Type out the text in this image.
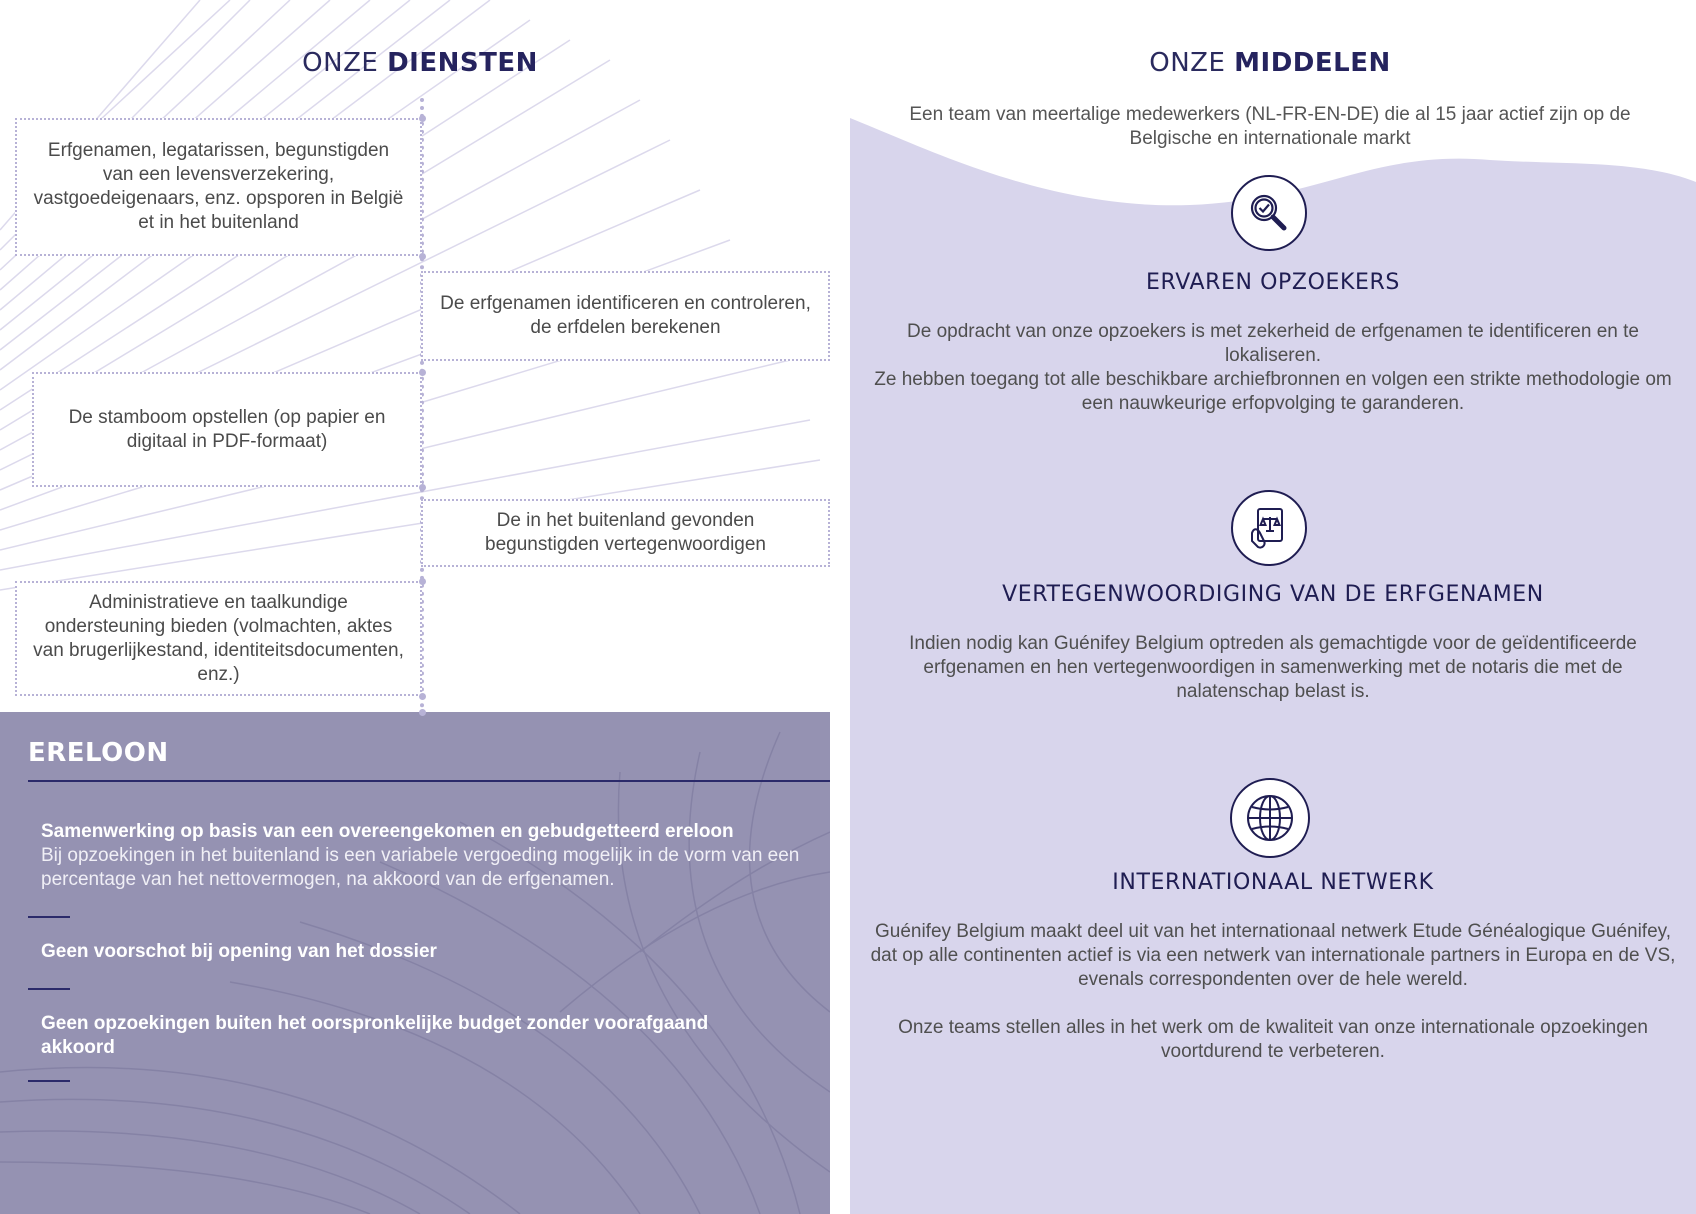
ONZE DIENSTEN
Erfgenamen, legatarissen, begunstigden van een levensverzekering, vastgoedeigenaars, enz. opsporen in België et in het buitenland
De erfgenamen identificeren en controleren, de erfdelen berekenen
De stamboom opstellen (op papier en digitaal in PDF-formaat)
De in het buitenland gevonden begunstigden vertegenwoordigen
Administratieve en taalkundige ondersteuning bieden (volmachten, aktes van brugerlijkestand, identiteitsdocumenten, enz.)
ERELOON
Samenwerking op basis van een overeengekomen en gebudgetteerd ereloon
Bij opzoekingen in het buitenland is een variabele vergoeding mogelijk in de vorm van een percentage van het nettovermogen, na akkoord van de erfgenamen.
Geen voorschot bij opening van het dossier
Geen opzoekingen buiten het oorspronkelijke budget zonder voorafgaand akkoord
ONZE MIDDELEN
Een team van meertalige medewerkers (NL-FR-EN-DE) die al 15 jaar actief zijn op de Belgische en internationale markt
ERVAREN OPZOEKERS
De opdracht van onze opzoekers is met zekerheid de erfgenamen te identificeren en te lokaliseren.
Ze hebben toegang tot alle beschikbare archiefbronnen en volgen een strikte methodologie om een nauwkeurige erfopvolging te garanderen.
VERTEGENWOORDIGING VAN DE ERFGENAMEN
Indien nodig kan Guénifey Belgium optreden als gemachtigde voor de geïdentificeerde erfgenamen en hen vertegenwoordigen in samenwerking met de notaris die met de nalatenschap belast is.
INTERNATIONAAL NETWERK
Guénifey Belgium maakt deel uit van het internationaal netwerk Etude Généalogique Guénifey, dat op alle continenten actief is via een netwerk van internationale partners in Europa en de VS, evenals correspondenten over de hele wereld.

Onze teams stellen alles in het werk om de kwaliteit van onze internationale opzoekingen voortdurend te verbeteren.
